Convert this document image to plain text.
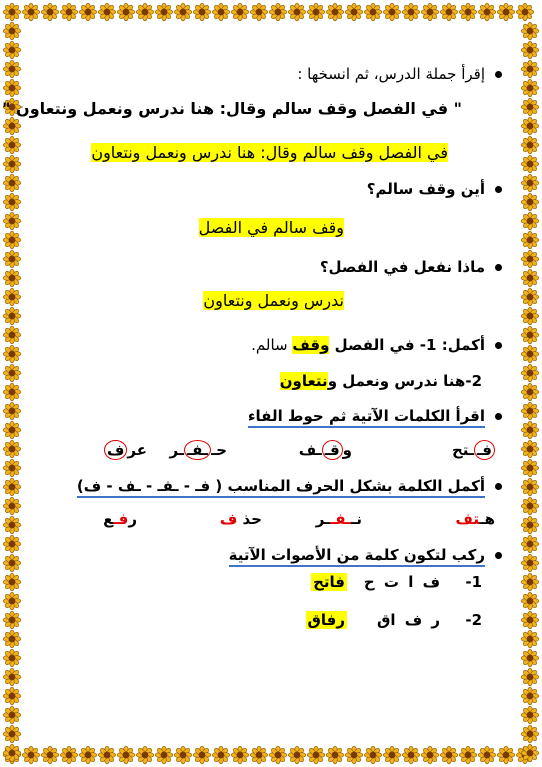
إقرأ جملة الدرس، ثم انسخها :
" في الفصل وقف سالم وقال: هنا ندرس ونعمل ونتعاون "
في الفصل وقف سالم وقال: هنا ندرس ونعمل ونتعاون
أين وقف سالم؟
وقف سالم في الفصل
ماذا نفعل في الفصل؟
ندرس ونعمل ونتعاون
أكمل: 1- في الفصل وقف سالم.
2-هنا ندرس ونعمل ونتعاون
اقرأ الكلمات الآتية ثم حوط الفاء
فــتح
وقــف
حــفــر
عرف
أكمل الكلمة بشكل الحرف المناسب ( فـ - ـفـ - ـف - ف)
هـتف
نــفــر
حذ ف
رفـع
ركب لتكون كلمة من الأصوات الآتية
1-
ف ا ت ح
فاتح
2-
ر ف اق
رفاق
